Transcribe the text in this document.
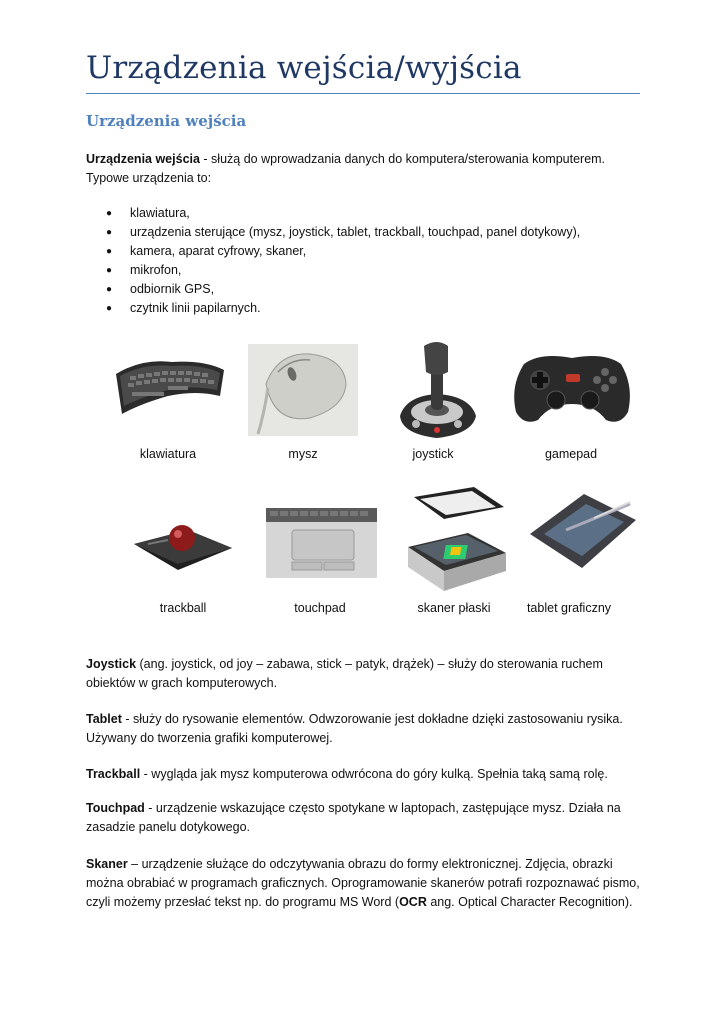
Urządzenia wejścia/wyjścia
Urządzenia wejścia

Urządzenia wejścia - służą do wprowadzania danych do komputera/sterowania komputerem.
Typowe urządzenia to:

● klawiatura,
● urządzenia sterujące (mysz, joystick, tablet, trackball, touchpad, panel dotykowy),
● kamera, aparat cyfrowy, skaner,
● mikrofon,
● odbiornik GPS,
● czytnik linii papilarnych.
klawiatura	mysz	joystick	gamepad
trackball	touchpad	skaner płaski	tablet graficzny

Joystick (ang. joystick, od joy – zabawa, stick – patyk, drążek) – służy do sterowania ruchem obiektów w grach komputerowych.

Tablet - służy do rysowanie elementów. Odwzorowanie jest dokładne dzięki zastosowaniu rysika. Używany do tworzenia grafiki komputerowej.

Trackball - wygląda jak mysz komputerowa odwrócona do góry kulką. Spełnia taką samą rolę.

Touchpad - urządzenie wskazujące często spotykane w laptopach, zastępujące mysz. Działa na zasadzie panelu dotykowego.

Skaner – urządzenie służące do odczytywania obrazu do formy elektronicznej. Zdjęcia, obrazki można obrabiać w programach graficznych. Oprogramowanie skanerów potrafi rozpoznawać pismo, czyli możemy przesłać tekst np. do programu MS Word (OCR ang. Optical Character Recognition).
